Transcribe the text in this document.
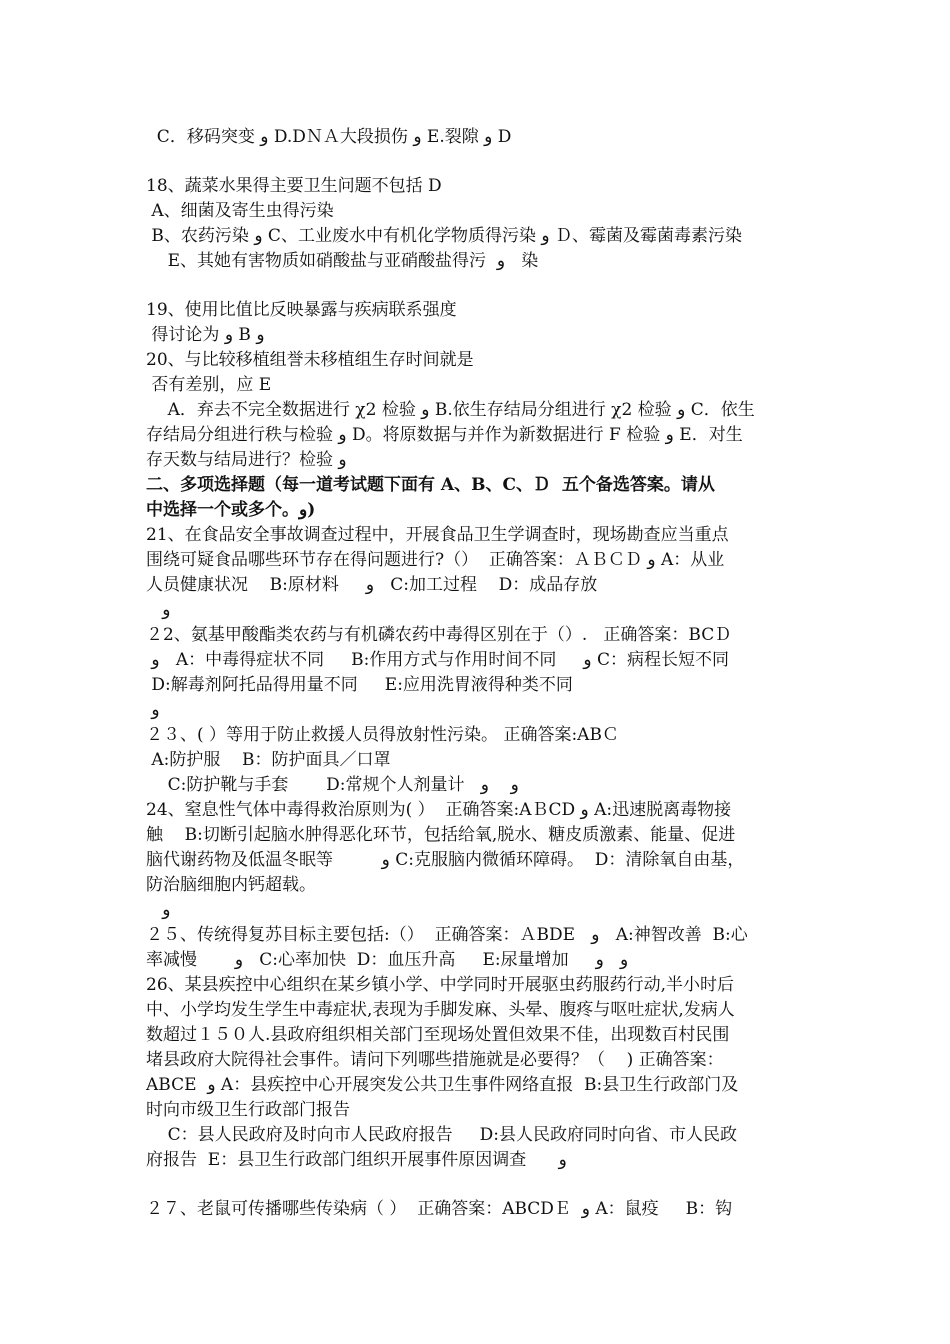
C．移码突变 و D.DＮＡ大段损伤 و E.裂隙 و D
18、蔬菜水果得主要卫生问题不包括 D
A、细菌及寄生虫得污染
B、农药污染 و C、工业废水中有机化学物质得污染 و Ｄ、霉菌及霉菌毒素污染
E、其她有害物质如硝酸盐与亚硝酸盐得污  و   染
19、使用比值比反映暴露与疾病联系强度
得讨论为 و B و
20、与比较移植组誉未移植组生存时间就是
否有差别，应 E
A．弃去不完全数据进行 χ2 检验 و B.依生存结局分组进行 χ2 检验 و C．依生
存结局分组进行秩与检验 و D。将原数据与并作为新数据进行 F 检验 و E．对生
存天数与结局进行？检验 و
二、多项选择题（每一道考试题下面有 A、B、C、Ｄ  五个备选答案。请从
中选择一个或多个。و)
21、在食品安全事故调查过程中，开展食品卫生学调查时，现场勘查应当重点
围绕可疑食品哪些环节存在得问题进行?（）  正确答案：ＡＢＣＤ و A：从业
人员健康状况    B:原材料     و   C:加工过程    D：成品存放
و
２2、氨基甲酸酯类农药与有机磷农药中毒得区别在于（）.   正确答案：BCＤ
و   A：中毒得症状不同     B:作用方式与作用时间不同     و C：病程长短不同
D:解毒剂阿托品得用量不同     E:应用洗胃液得种类不同
و
２３、( ）等用于防止救援人员得放射性污染。 正确答案:ABＣ
A:防护服    B：防护面具／口罩
C:防护靴与手套       D:常规个人剂量计   و    و
24、窒息性气体中毒得救治原则为( ）  正确答案:AＢCD و A:迅速脱离毒物接
触    B:切断引起脑水肿得恶化环节，包括给氧,脱水、糖皮质激素、能量、促进
脑代谢药物及低温冬眠等         و C:克服脑内微循环障碍。  D：清除氧自由基，
防治脑细胞内钙超载。
و
２５、传统得复苏目标主要包括:（）  正确答案：ＡBDE   و   A:神智改善  B:心
率减慢       و   C:心率加快  D：血压升高     E:尿量增加     و   و
26、某县疾控中心组织在某乡镇小学、中学同时开展驱虫药服药行动,半小时后
中、小学均发生学生中毒症状,表现为手脚发麻、头晕、腹疼与呕吐症状,发病人
数超过１５０人.县政府组织相关部门至现场处置但效果不佳，出现数百村民围
堵县政府大院得社会事件。请问下列哪些措施就是必要得？（    ) 正确答案：
ABCE  و A：县疾控中心开展突发公共卫生事件网络直报  B:县卫生行政部门及
时向市级卫生行政部门报告
C：县人民政府及时向市人民政府报告     D:县人民政府同时向省、市人民政
府报告  E：县卫生行政部门组织开展事件原因调查      و
２７、老鼠可传播哪些传染病（ ）  正确答案：ABCDＥ  و A：鼠疫     B：钩
